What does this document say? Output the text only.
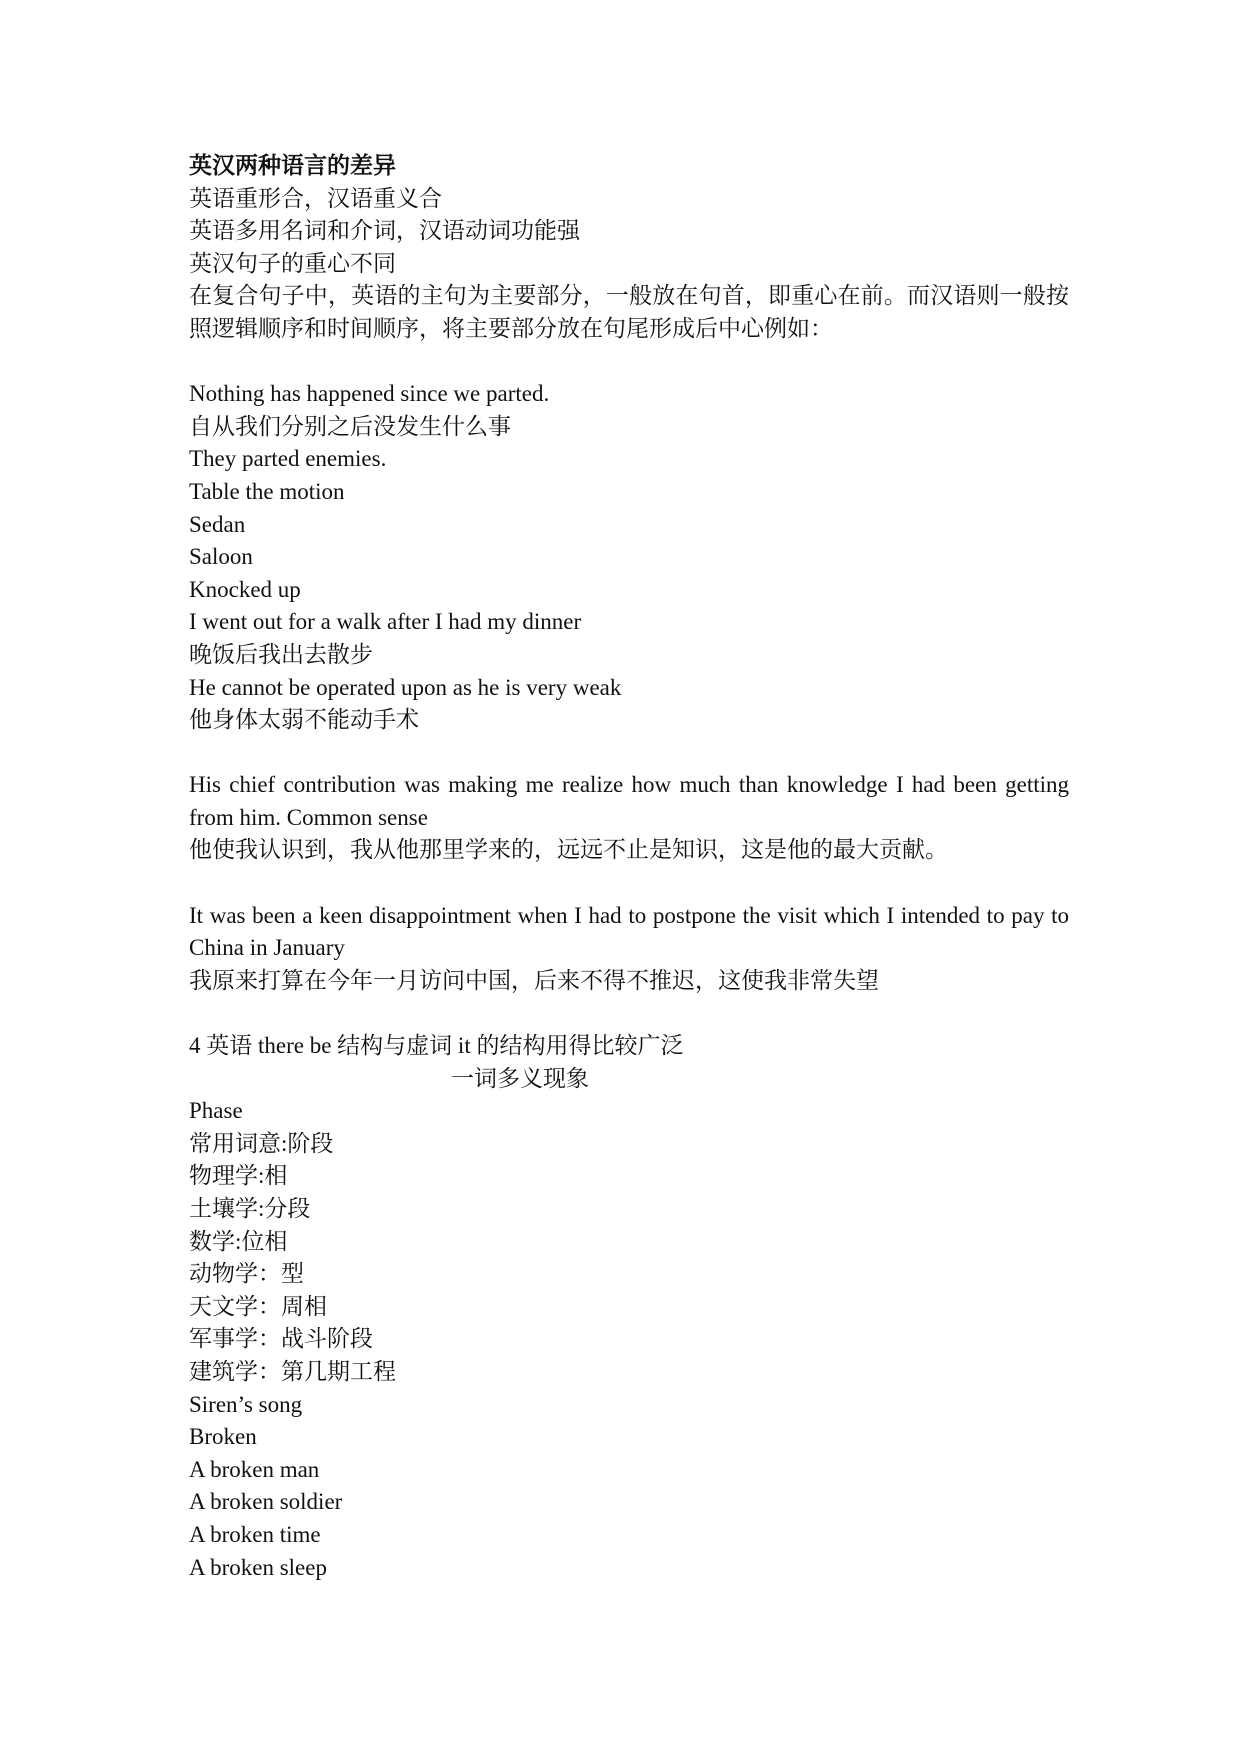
英汉两种语言的差异
英语重形合，汉语重义合
英语多用名词和介词，汉语动词功能强
英汉句子的重心不同
在复合句子中，英语的主句为主要部分，一般放在句首，即重心在前。而汉语则一般按照逻辑顺序和时间顺序，将主要部分放在句尾形成后中心例如：
Nothing has happened since we parted.
自从我们分别之后没发生什么事
They parted enemies.
Table the motion
Sedan
Saloon
Knocked up
I went out for a walk after I had my dinner
晚饭后我出去散步
He cannot be operated upon as he is very weak
他身体太弱不能动手术
His chief contribution was making me realize how much than knowledge I had been getting from him. Common sense
他使我认识到，我从他那里学来的，远远不止是知识，这是他的最大贡献。
It was been a keen disappointment when I had to postpone the visit which I intended to pay to China in January
我原来打算在今年一月访问中国，后来不得不推迟，这使我非常失望
4 英语 there be 结构与虚词 it 的结构用得比较广泛
一词多义现象
Phase
常用词意:阶段
物理学:相
土壤学:分段
数学:位相
动物学：型
天文学：周相
军事学：战斗阶段
建筑学：第几期工程
Siren’s song
Broken
A broken man
A broken soldier
A broken time
A broken sleep
